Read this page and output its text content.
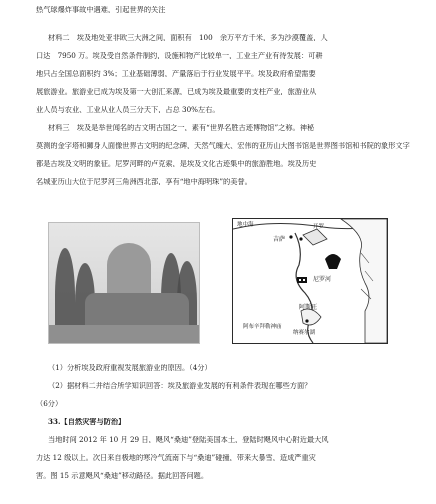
热气球爆炸事故中遇难，引起世界的关注
材料二　埃及地处亚非欧三大洲之间，面积有　100　余万平方千米，多为沙漠覆盖，人
口达　7950 万。埃及受自然条件制约，设施和物产比较单一，工业主产业有待发展：可耕
地只占全国总面积约 3%；工业基础薄弱，产量落后于行业发展平平。埃及政府希望需要
展旅游业。旅游业已成为埃及第一大创汇来源，已成为埃及最重要的支柱产业，旅游业从
业人员与农业、工业从业人员三分天下，占总 30%左右。
材料三　埃及是举世闻名的古文明古国之一，素有“世界名胜古迹博物馆”之称。神秘
莫测的金字塔和狮身人面像世界古文明的纪念碑，天然气魄大、宏伟的亚历山大图书馆是世界图书馆和书院的象形文字
都是古埃及文明的象征。尼罗河畔的卢克索，是埃及文化古迹集中的旅游胜地。埃及历史
名城亚历山大位于尼罗河三角洲西北部，享有“地中海明珠”的美誉。
地中海	开罗
吉萨
尼罗河
阿斯旺
纳赛尔湖
阿布辛拜勒神庙
（1）分析埃及政府重视发展旅游业的原因。（4分）
（2）据材料二并结合所学知识回答：埃及旅游业发展的有利条件表现在哪些方面？
（6分）
33.【自然灾害与防治】
当地时间 2012 年 10 月 29 日，飓风“桑迪”登陆美国本土，登陆时飓风中心附近最大风
力达 12 级以上。次日来自极地的寒冷气流南下与“桑迪”碰撞，带来大暴雪，造成严重灾
害。图 15 示意飓风“桑迪”移动路径。据此回答问题。
